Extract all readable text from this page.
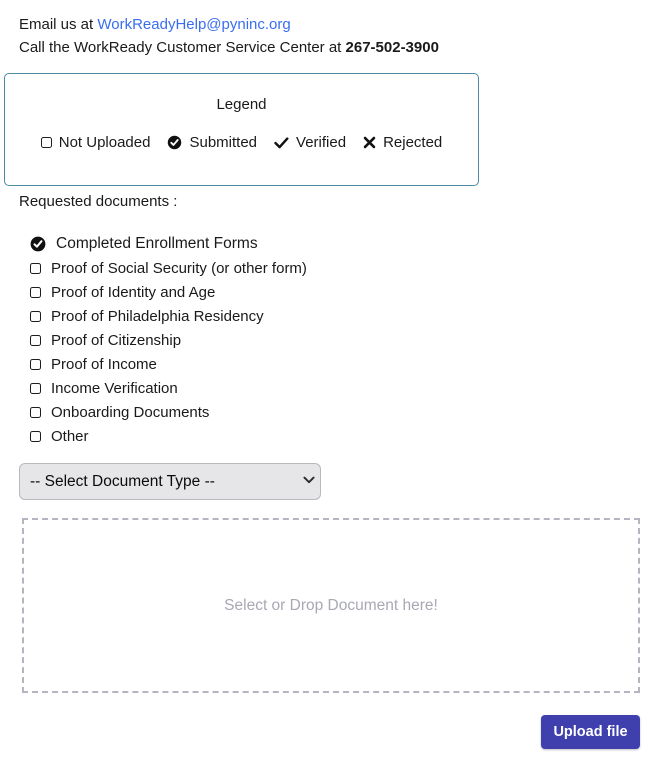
Email us at WorkReadyHelp@pyninc.org
Call the WorkReady Customer Service Center at 267-502-3900
Legend
Not Uploaded	Submitted	Verified Rejected
Requested documents :
Completed Enrollment Forms
Proof of Social Security (or other form)
Proof of Identity and Age
Proof of Philadelphia Residency
Proof of Citizenship
Proof of Income
Income Verification
Onboarding Documents
Other
-- Select Document Type --
Select or Drop Document here!
Upload file
